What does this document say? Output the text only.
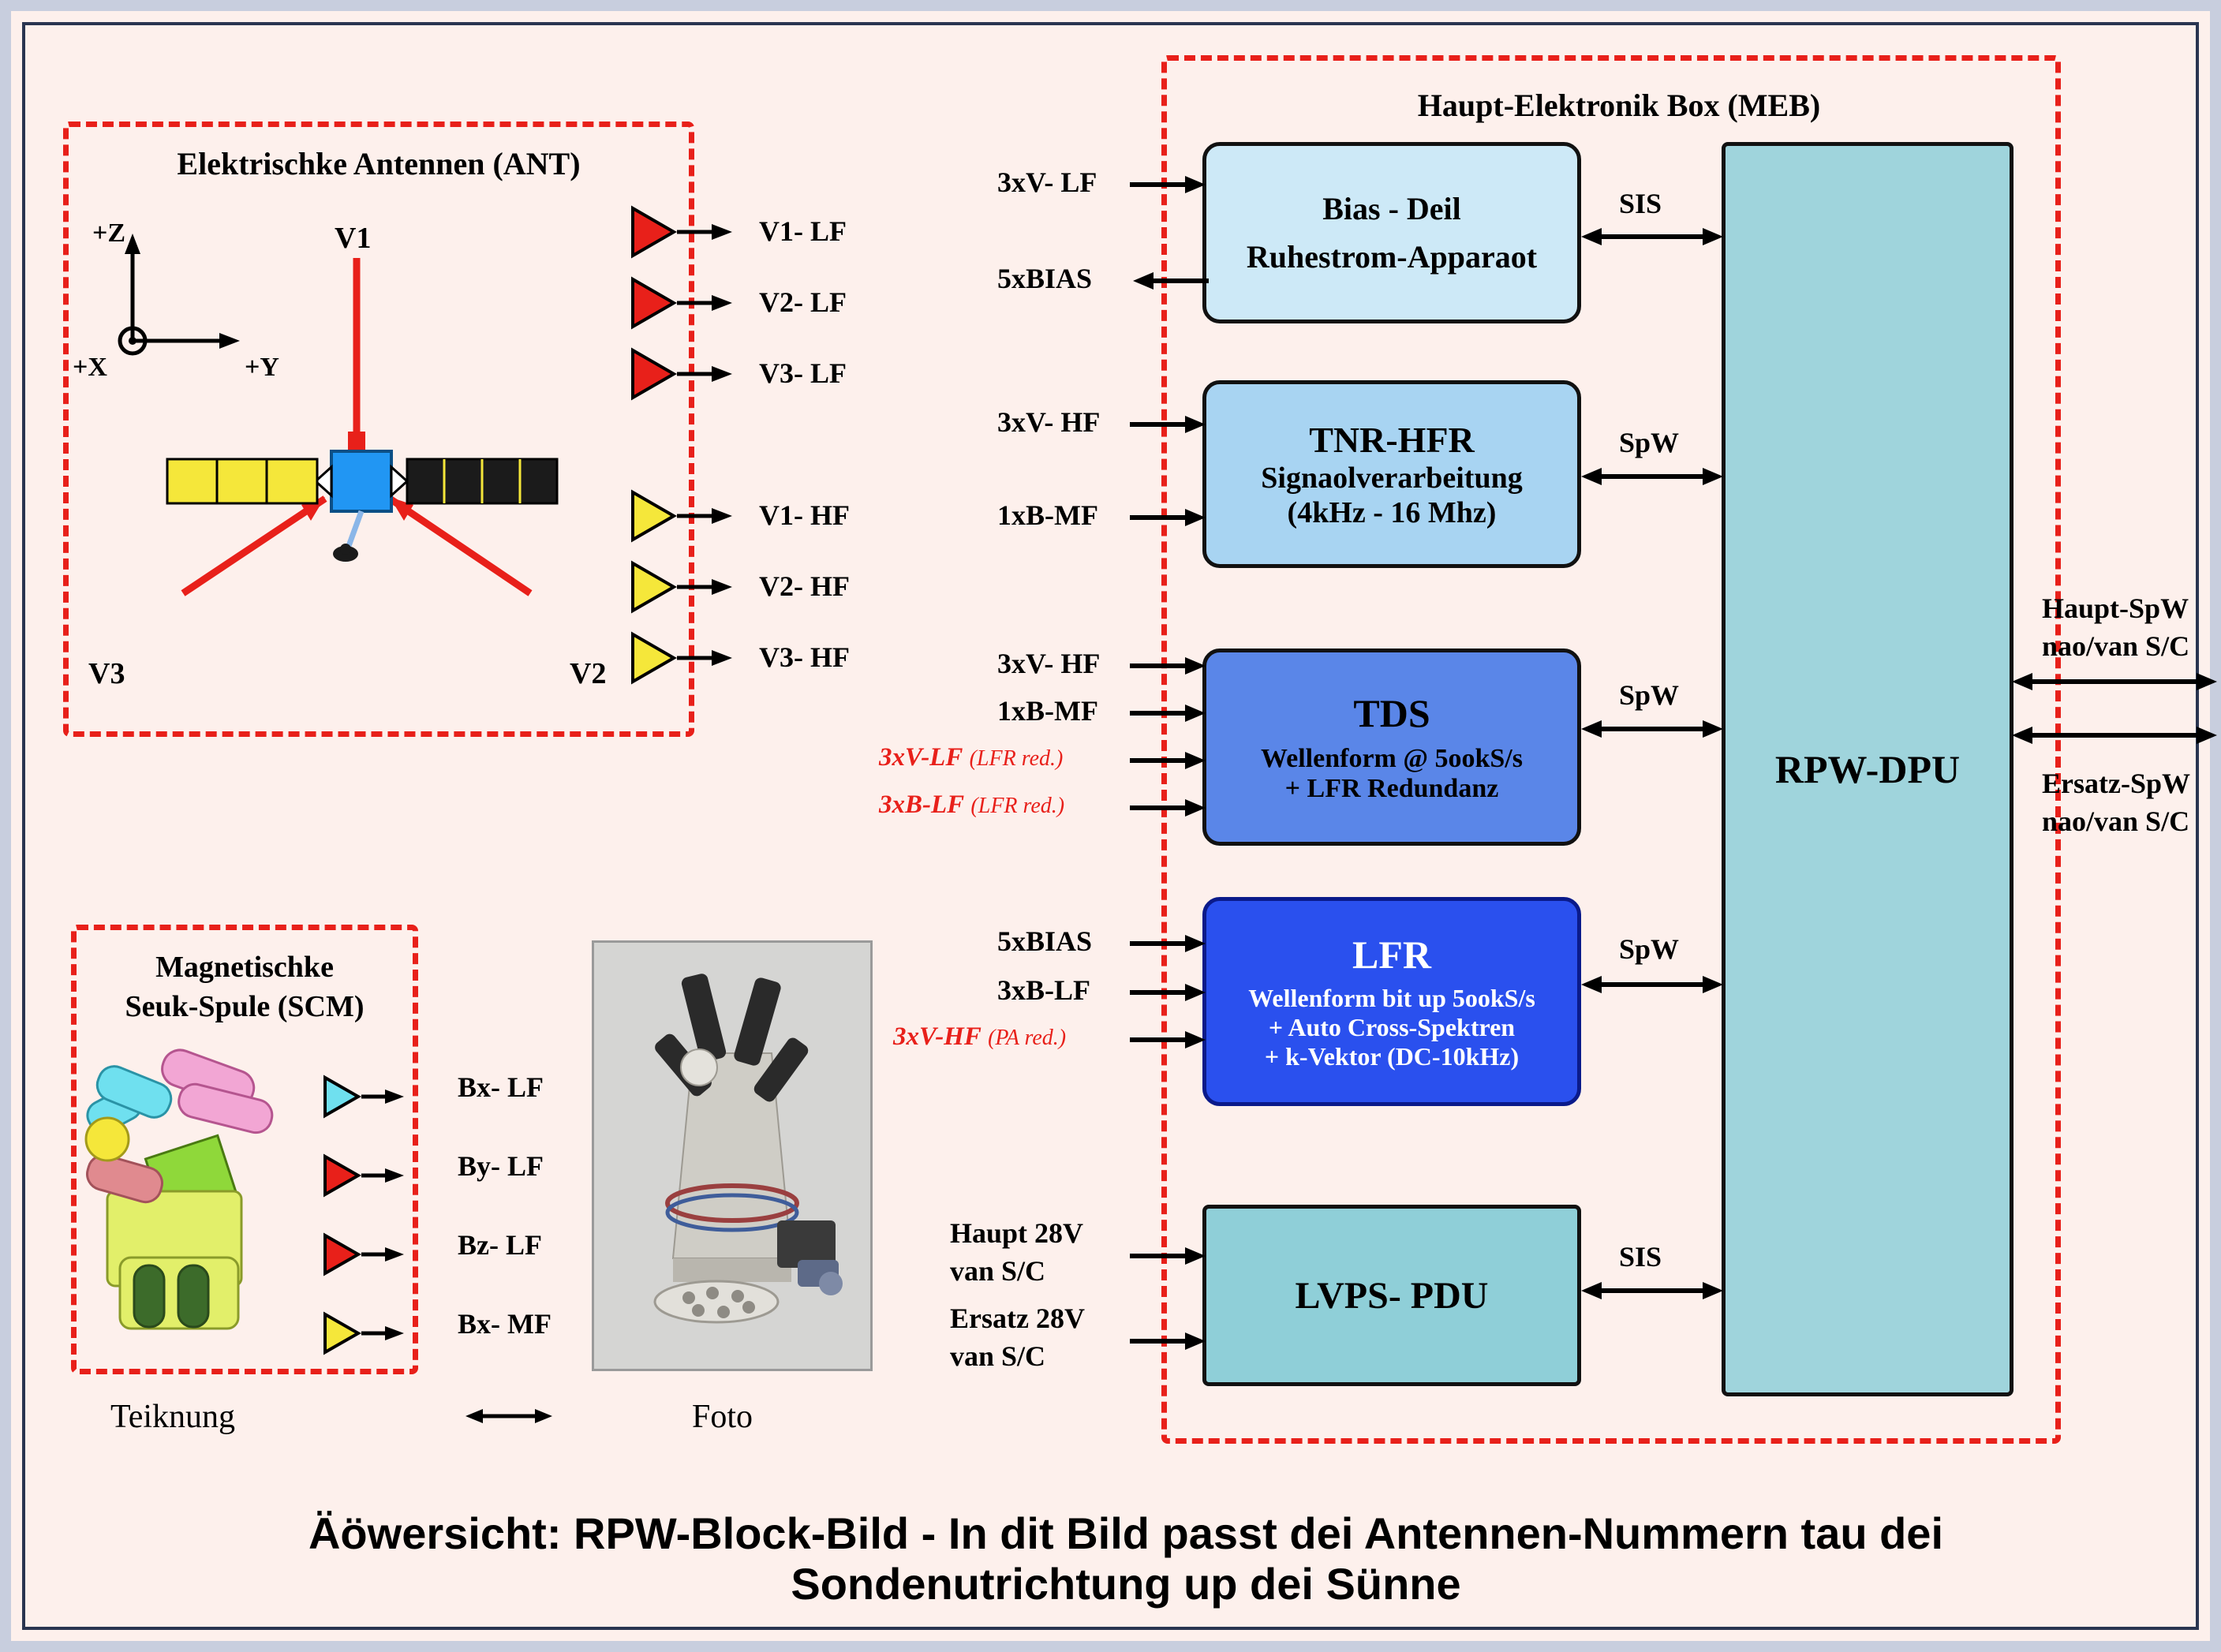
Elektrischke Antennen (ANT)
+Z
+X	+Y
V1
V3	V2
V1- LF
V2- LF
V3- LF
V1- HF
V2- HF
V3- HF
Magnetischke
Seuk-Spule (SCM)
Bx- LF
By- LF
Bz- LF
Bx- MF
Teiknung	Foto
Haupt-Elektronik Box (MEB)
RPW-DPU
Bias - Deil
Ruhestrom-Apparaot
3xV- LF
5xBIAS
SIS
TNR-HFR
Signaolverarbeitung
(4kHz - 16 Mhz)
3xV- HF
1xB-MF
SpW
TDS
Wellenform @ 5ookS/s
+ LFR Redundanz
3xV- HF
1xB-MF
3xV-LF (LFR red.)
3xB-LF (LFR red.)
SpW
LFR
Wellenform bit up 5ookS/s
+ Auto Cross-Spektren
+ k-Vektor (DC-10kHz)
5xBIAS
3xB-LF
3xV-HF (PA red.)
SpW
LVPS- PDU
Haupt 28V
van S/C
Ersatz 28V
van S/C
SIS
Haupt-SpW
nao/van S/C
Ersatz-SpW
nao/van S/C
Äöwersicht: RPW-Block-Bild - In dit Bild passt dei Antennen-Nummern tau dei Sondenutrichtung up dei Sünne
